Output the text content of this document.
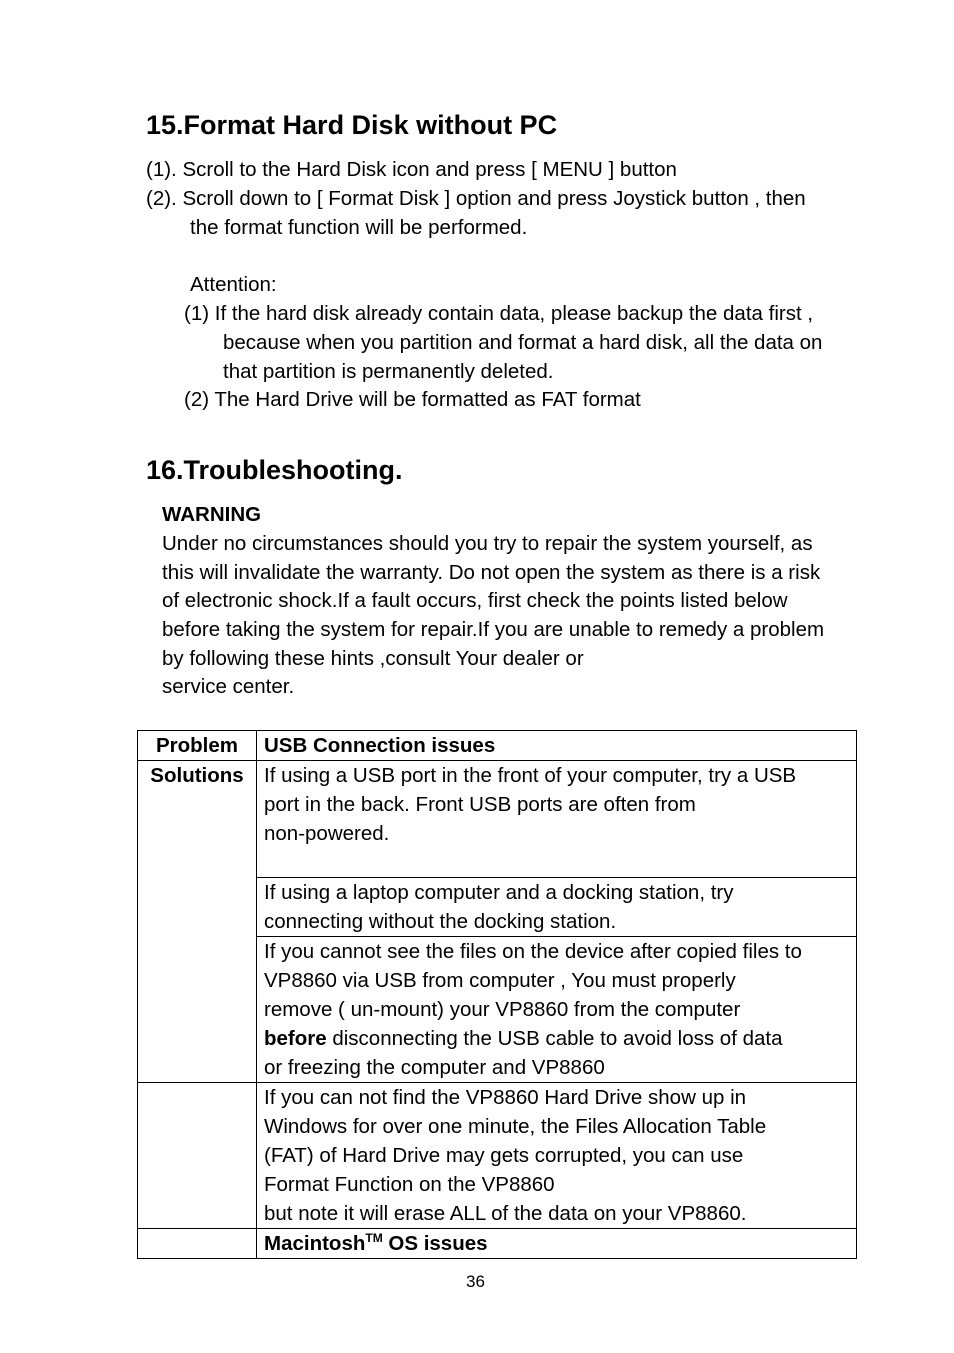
15.Format Hard Disk without PC
(1). Scroll to the Hard Disk icon and press [ MENU ] button
(2). Scroll down to [ Format Disk ] option and press Joystick button , then
the format function will be performed.
Attention:
(1) If the hard disk already contain data, please backup the data first ,
because when you partition and format a hard disk, all the data on
that partition is permanently deleted.
(2) The Hard Drive will be formatted as FAT format
16.Troubleshooting.
WARNING
Under no circumstances should you try to repair the system yourself, as
this will invalidate the warranty. Do not open the system as there is a risk
of electronic shock.If a fault occurs, first check the points listed below
before taking the system for repair.If you are unable to remedy a problem
by following these hints ,consult Your dealer or
service center.
Problem	USB Connection issues
Solutions	If using a USB port in the front of your computer, try a USB
port in the back. Front USB ports are often from
non-powered.

	If using a laptop computer and a docking station, try
connecting without the docking station.

	If you cannot see the files on the device after copied files to
VP8860 via USB from computer , You must properly
remove ( un-mount) your VP8860 from the computer
before disconnecting the USB cable to avoid loss of data
or freezing the computer and VP8860

	If you can not find the VP8860 Hard Drive show up in
Windows for over one minute, the Files Allocation Table
(FAT) of Hard Drive may gets corrupted, you can use
Format Function on the VP8860
but note it will erase ALL of the data on your VP8860.

	Macintosh™ OS issues
36
